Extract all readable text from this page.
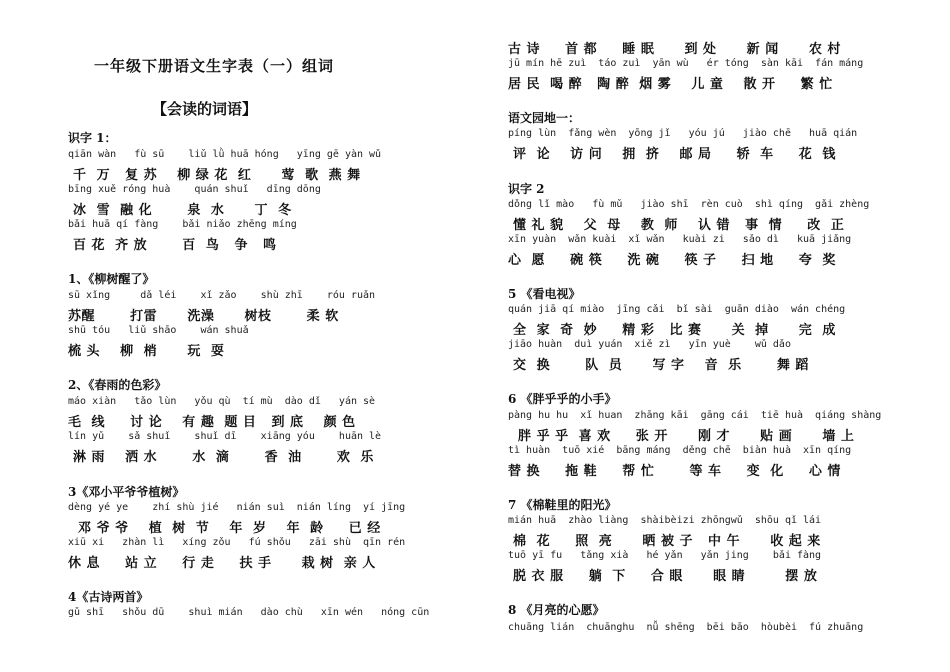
一年级下册语文生字表（一）组词
【会读的词语】
识字 1：
qiān wàn   fù sū    liǔ lǜ huā hóng   yīng gē yàn wǔ
千  万   复 苏    柳 绿 花  红      莺  歌  燕 舞
bīng xuě róng huà    quán shuǐ   dīng dōng
冰  雪  融 化       泉  水      丁  冬
bǎi huā qí fàng    bǎi niǎo zhēng míng
百 花  齐 放       百  鸟   争   鸣
1、《柳树醒了》
sū xǐng     dǎ léi    xǐ zǎo    shù zhī    róu ruǎn
苏醒       打雷      洗澡      树枝       柔 软
shū tóu   liǔ shāo    wán shuǎ
梳 头    柳  梢      玩  耍
2、《春雨的色彩》
máo xiàn   tǎo lùn   yǒu qù  tí mù  dào dǐ   yán sè
毛  线     讨 论    有 趣  题 目   到 底    颜 色
lín yǔ    sǎ shuǐ    shuǐ dī    xiāng yóu    huān lè
淋 雨    洒 水       水  滴       香  油       欢  乐
3《邓小平爷爷植树》
dèng yé ye    zhí shù jié   nián suì  nián líng  yí jīng
邓 爷 爷    植  树  节    年  岁    年  龄     已 经
xiū xi   zhàn lì   xíng zǒu   fú shǒu   zāi shù  qīn rén
休 息     站 立     行 走     扶 手      栽 树  亲 人
4《古诗两首》
gǔ shī   shǒu dū    shuì mián   dào chù   xīn wén   nóng cūn
古 诗     首 都     睡 眠      到 处      新 闻      农 村
jū mín hē zuì  táo zuì  yān wù   ér tóng  sàn kāi  fán máng
居 民  喝 醉   陶 醉  烟 雾    儿 童    散 开     繁 忙
语文园地一：
píng lùn  fǎng wèn  yōng jǐ   yóu jú   jiào chē   huā qián
评  论    访 问    拥  挤    邮 局     轿  车     花  钱
识字 2
dǒng lǐ mào   fù mǔ   jiào shī  rèn cuò  shì qíng  gǎi zhèng
懂 礼 貌    父  母    教  师    认 错   事  情     改  正
xīn yuàn  wǎn kuài  xǐ wǎn   kuài zi   sǎo dì   kuā jiǎng
心  愿     碗 筷     洗 碗     筷 子     扫 地     夸  奖
5 《看电视》
quán jiā qí miào  jīng cǎi  bǐ sài  guān diào  wán chéng
全  家  奇  妙     精 彩   比 赛      关  掉      完  成
jiāo huàn  duì yuán  xiě zì   yīn yuè    wǔ dǎo
交  换       队  员      写 字    音  乐       舞 蹈
6 《胖乎乎的小手》
pàng hu hu  xǐ huan  zhāng kāi  gāng cái  tiē huà  qiáng shàng
胖 乎 乎  喜 欢     张 开      刚 才      贴 画      墙 上
tì huàn  tuō xié  bāng máng  děng chē  biàn huà  xīn qíng
替 换     拖 鞋     帮 忙       等 车     变  化     心 情
7 《棉鞋里的阳光》
mián huā  zhào liàng  shàibèizi zhōngwǔ  shōu qǐ lái
棉  花     照  亮      晒 被 子   中 午      收 起 来
tuō yī fu   tǎng xià   hé yǎn   yǎn jing    bǎi fàng
脱 衣 服     躺  下     合 眼      眼 睛        摆 放
8 《月亮的心愿》
chuāng lián  chuānghu  nǚ shēng  bēi bāo  hòubèi  fú zhuāng
